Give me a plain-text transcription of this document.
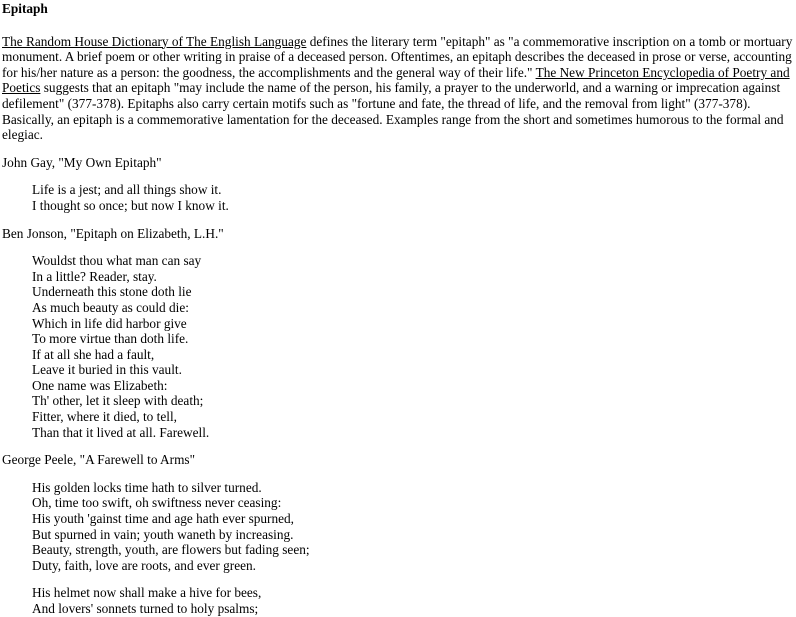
Epitaph

The Random House Dictionary of The English Language defines the literary term "epitaph" as "a commemorative inscription on a tomb or mortuary monument. A brief poem or other writing in praise of a deceased person. Oftentimes, an epitaph describes the deceased in prose or verse, accounting for his/her nature as a person: the goodness, the accomplishments and the general way of their life." The New Princeton Encyclopedia of Poetry and Poetics suggests that an epitaph "may include the name of the person, his family, a prayer to the underworld, and a warning or imprecation against defilement" (377-378). Epitaphs also carry certain motifs such as "fortune and fate, the thread of life, and the removal from light" (377-378). Basically, an epitaph is a commemorative lamentation for the deceased. Examples range from the short and sometimes humorous to the formal and elegiac.

John Gay, "My Own Epitaph"

Life is a jest; and all things show it.
I thought so once; but now I know it.

Ben Jonson, "Epitaph on Elizabeth, L.H."

Wouldst thou what man can say
In a little? Reader, stay.
Underneath this stone doth lie
As much beauty as could die:
Which in life did harbor give
To more virtue than doth life.
If at all she had a fault,
Leave it buried in this vault.
One name was Elizabeth:
Th' other, let it sleep with death;
Fitter, where it died, to tell,
Than that it lived at all. Farewell.

George Peele, "A Farewell to Arms"

His golden locks time hath to silver turned.
Oh, time too swift, oh swiftness never ceasing:
His youth 'gainst time and age hath ever spurned,
But spurned in vain; youth waneth by increasing.
Beauty, strength, youth, are flowers but fading seen;
Duty, faith, love are roots, and ever green.
His helmet now shall make a hive for bees,
And lovers' sonnets turned to holy psalms;
